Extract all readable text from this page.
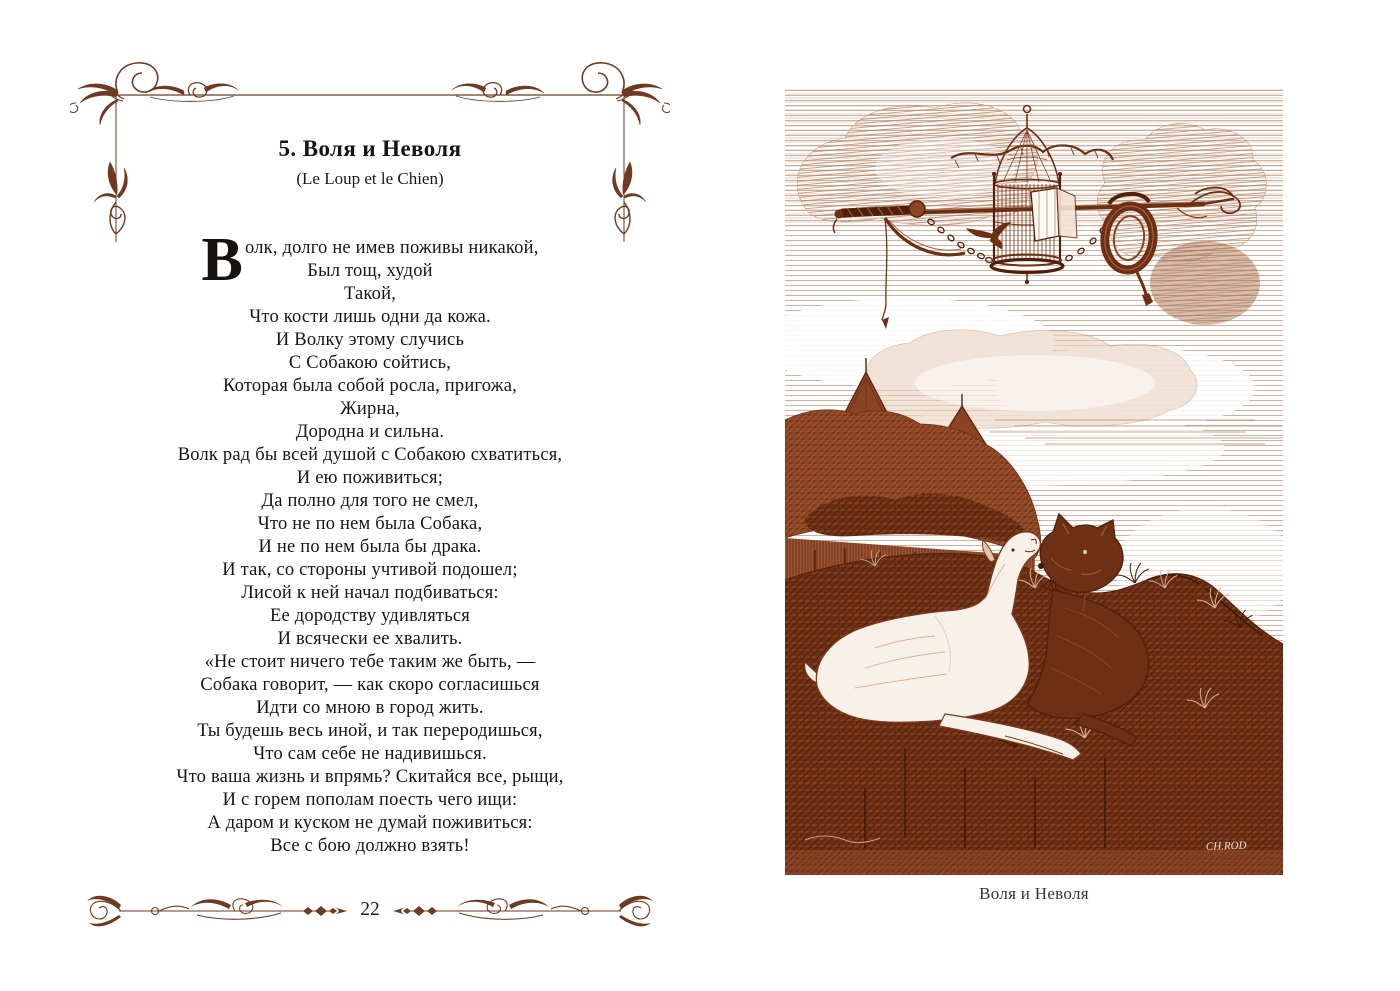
5. Воля и Неволя
(Le Loup et le Chien)
В олк, долго не имев поживы никакой,
Был тощ, худой
Такой,
Что кости лишь одни да кожа.
И Волку этому случись
С Собакою сойтись,
Которая была собой росла, пригожа,
Жирна,
Дородна и сильна.
Волк рад бы всей душой с Собакою схватиться,
И ею поживиться;
Да полно для того не смел,
Что не по нем была Собака,
И не по нем была бы драка.
И так, со стороны учтивой подошел;
Лисой к ней начал подбиваться:
Ее дородству удивляться
И всячески ее хвалить.
«Не стоит ничего тебе таким же быть, —
Собака говорит, — как скоро согласишься
Идти со мною в город жить.
Ты будешь весь иной, и так переродишься,
Что сам себе не надивишься.
Что ваша жизнь и впрямь? Скитайся все, рыщи,
И с горем пополам поесть чего ищи:
А даром и куском не думай поживиться:
Все с бою должно взять!
22
CH.ROD
Воля и Неволя
